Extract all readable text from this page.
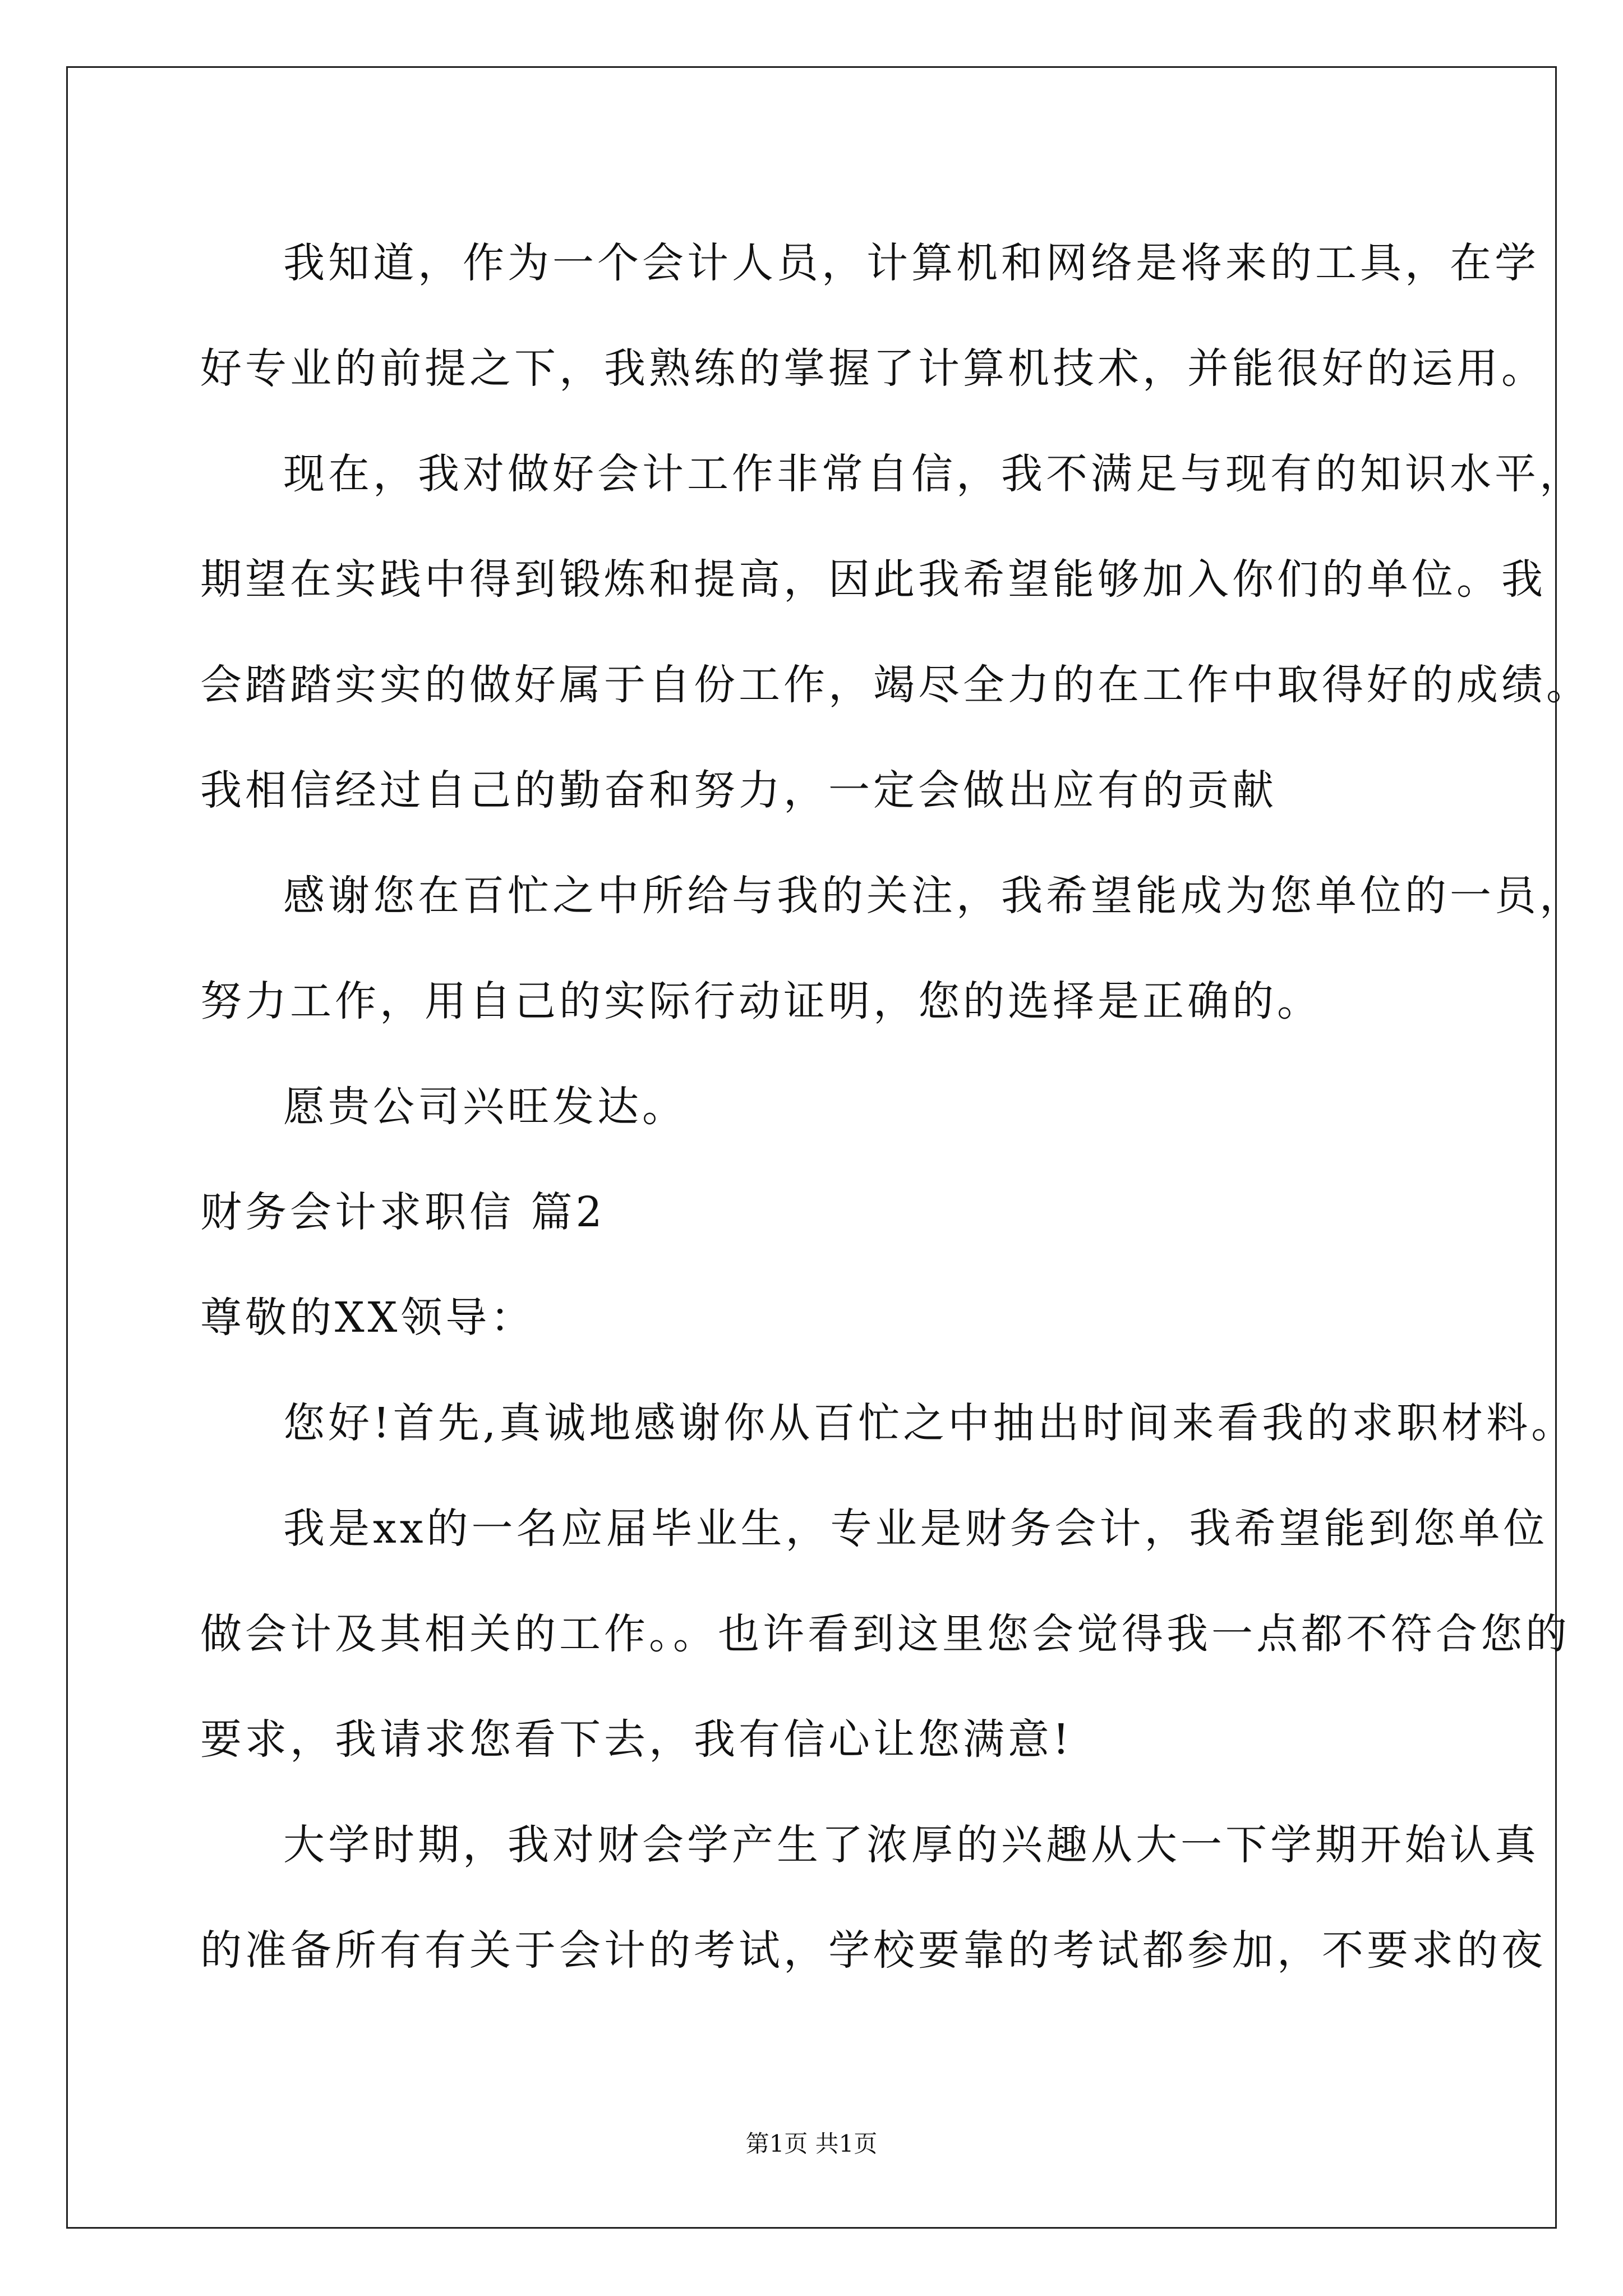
我知道，作为一个会计人员，计算机和网络是将来的工具，在学
好专业的前提之下，我熟练的掌握了计算机技术，并能很好的运用。
现在，我对做好会计工作非常自信，我不满足与现有的知识水平，
期望在实践中得到锻炼和提高，因此我希望能够加入你们的单位。我
会踏踏实实的做好属于自份工作，竭尽全力的在工作中取得好的成绩。
我相信经过自己的勤奋和努力，一定会做出应有的贡献
感谢您在百忙之中所给与我的关注，我希望能成为您单位的一员，
努力工作，用自己的实际行动证明，您的选择是正确的。
愿贵公司兴旺发达。
财务会计求职信 篇2
尊敬的XX领导：
您好!首先,真诚地感谢你从百忙之中抽出时间来看我的求职材料。
我是xx的一名应届毕业生，专业是财务会计，我希望能到您单位
做会计及其相关的工作。。也许看到这里您会觉得我一点都不符合您的
要求，我请求您看下去，我有信心让您满意!
大学时期，我对财会学产生了浓厚的兴趣从大一下学期开始认真
的准备所有有关于会计的考试，学校要靠的考试都参加，不要求的夜
第1页 共1页
